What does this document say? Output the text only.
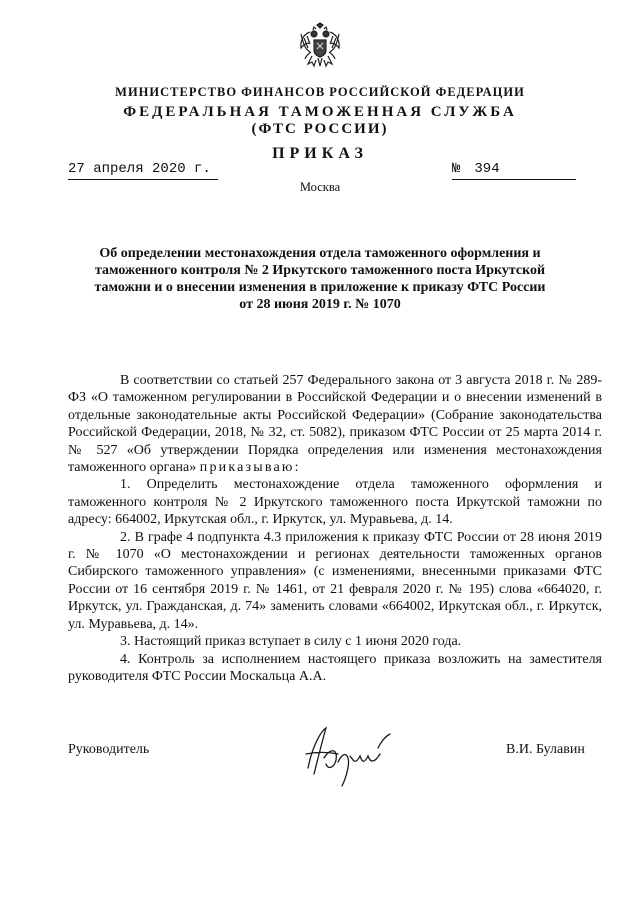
МИНИСТЕРСТВО ФИНАНСОВ РОССИЙСКОЙ ФЕДЕРАЦИИ
ФЕДЕРАЛЬНАЯ ТАМОЖЕННАЯ СЛУЖБА
(ФТС РОССИИ)
ПРИКАЗ
27 апреля 2020 г.	№ 394
Москва
Об определении местонахождения отдела таможенного оформления и
таможенного контроля № 2 Иркутского таможенного поста Иркутской
таможни и о внесении изменения в приложение к приказу ФТС России
от 28 июня 2019 г. № 1070

В соответствии со статьей 257 Федерального закона от 3 августа 2018 г. № 289-ФЗ «О таможенном регулировании в Российской Федерации и о внесении изменений в отдельные законодательные акты Российской Федерации» (Собрание законодательства Российской Федерации, 2018, № 32, ст. 5082), приказом ФТС России от 25 марта 2014 г. № 527 «Об утверждении Порядка определения или изменения местонахождения таможенного органа» приказываю:

1. Определить местонахождение отдела таможенного оформления и таможенного контроля № 2 Иркутского таможенного поста Иркутской таможни по адресу: 664002, Иркутская обл., г. Иркутск, ул. Муравьева, д. 14.

2. В графе 4 подпункта 4.3 приложения к приказу ФТС России от 28 июня 2019 г. № 1070 «О местонахождении и регионах деятельности таможенных органов Сибирского таможенного управления» (с изменениями, внесенными приказами ФТС России от 16 сентября 2019 г. № 1461, от 21 февраля 2020 г. № 195) слова «664020, г. Иркутск, ул. Гражданская, д. 74» заменить словами «664002, Иркутская обл., г. Иркутск, ул. Муравьева, д. 14».

3. Настоящий приказ вступает в силу с 1 июня 2020 года.

4. Контроль за исполнением настоящего приказа возложить на заместителя руководителя ФТС России Москальца А.А.

Руководитель	В.И. Булавин
